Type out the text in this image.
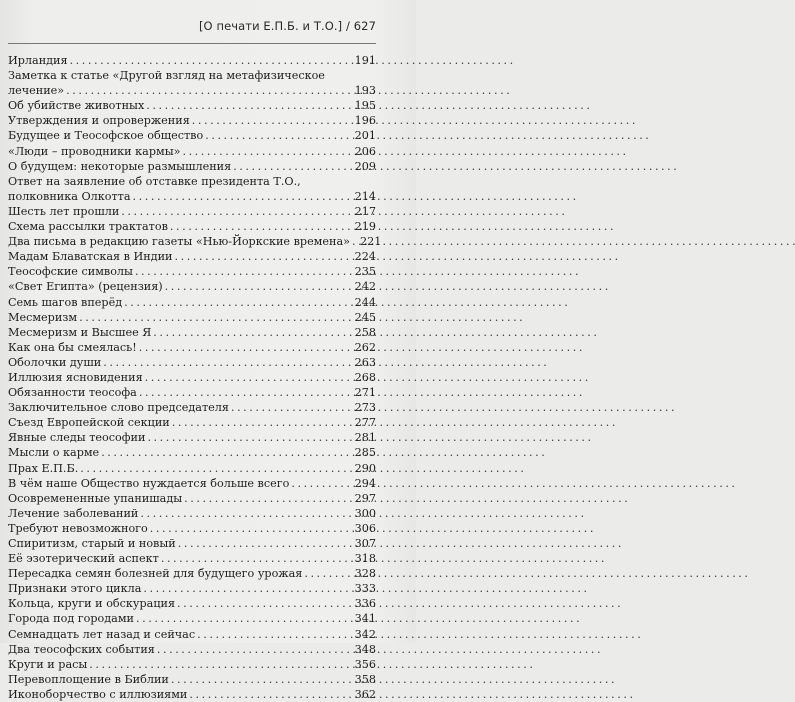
[О печати Е.П.Б. и Т.О.] / 627
Ирландия . . .	191
Заметка к статье «Другой взгляд на метафизическое
лечение» . . .	193
Об убийстве животных . . .	195
Утверждения и опровержения . . .	196
Будущее и Теософское общество . . .	201
«Люди – проводники кармы» . . .	206
О будущем: некоторые размышления . . .	209
Ответ на заявление об отставке президента Т.О.,
полковника Олкотта . . .	214
Шесть лет прошли . . .	217
Схема рассылки трактатов . . .	219
Два письма в редакцию газеты «Нью-Йоркские времена» . . . 221
Мадам Блаватская в Индии . . .	224
Теософские символы . . .	235
«Свет Египта» (рецензия) . . .	242
Семь шагов вперёд . . .	244
Месмеризм . . .	245
Месмеризм и Высшее Я . . .	258
Как она бы смеялась! . . .	262
Оболочки души . . .	263
Иллюзия ясновидения . . .	268
Обязанности теософа . . .	271
Заключительное слово председателя . . .	273
Съезд Европейской секции . . .	277
Явные следы теософии . . .	281
Мысли о карме . . .	285
Прах Е.П.Б. . . .	290
В чём наше Общество нуждается больше всего . . .	294
Осовремененные упанишады . . .	297
Лечение заболеваний . . .	300
Требуют невозможного . . .	306
Спиритизм, старый и новый . . .	307
Её эзотерический аспект . . .	318
Пересадка семян болезней для будущего урожая . . .	328
Признаки этого цикла . . .	333
Кольца, круги и обскурация . . .	336
Города под городами . . .	341
Семнадцать лет назад и сейчас . . .	342
Два теософских события . . .	348
Круги и расы . . .	356
Перевоплощение в Библии . . .	358
Иконоборчество с иллюзиями . . .	362
